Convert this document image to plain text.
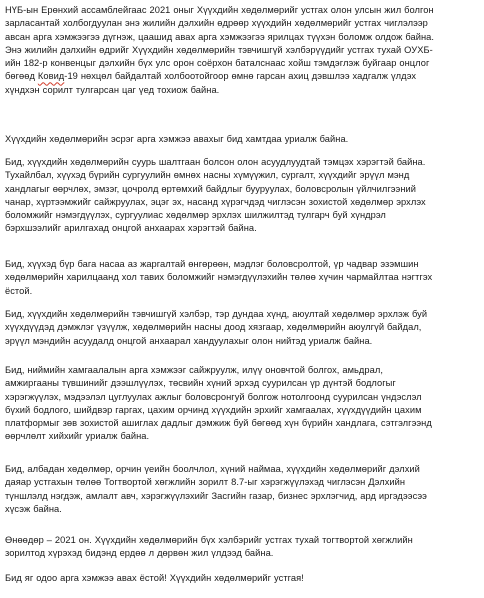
НҮБ-ын Ерөнхий ассамблейгаас 2021 оныг Хүүхдийн хөдөлмөрийг устгах олон улсын жил болгон
зарласантай холбогдуулан энэ жилийн дэлхийн өдрөөр хүүхдийн хөдөлмөрийг устгах чиглэлээр
авсан арга хэмжээгээ дүгнэж, цаашид авах арга хэмжээгээ ярилцах түүхэн боломж олдож байна.
Энэ жилийн дэлхийн өдрийг Хүүхдийн хөдөлмөрийн тэвчишгүй хэлбэрүүдийг устгах тухай ОУХБ-
ийн 182-р конвенцыг дэлхийн бүх улс орон соёрхон баталснаас хойш тэмдэглэж буйгаар онцлог
бөгөөд Ковид-19 нөхцөл байдалтай холбоотойгоор өмнө гарсан ахиц дэвшлээ хадгалж үлдэх
хүндхэн сорилт тулгарсан цаг үед тохиож байна.

Хүүхдийн хөдөлмөрийн эсрэг арга хэмжээ авахыг бид хамтдаа уриалж байна.

Бид, хүүхдийн хөдөлмөрийн суурь шалтгаан болсон олон асуудлуудтай тэмцэх хэрэгтэй байна.
Тухайлбал, хүүхэд бүрийн сургуулийн өмнөх насны хүмүүжил, сургалт, хүүхдийг эрүүл мэнд
хандлагыг өөрчлөх, эмзэг, цочролд өртөмхий байдлыг бууруулах, боловсролын үйлчилгээний
чанар, хүртээмжийг сайжруулах, эцэг эх, насанд хүрэгчдэд чиглэсэн зохистой хөдөлмөр эрхлэх
боломжийг нэмэгдүүлэх, сургуулиас хөдөлмөр эрхлэх шилжилтэд тулгарч буй хүндрэл
бэрхшээлийг арилгахад онцгой анхаарах хэрэгтэй байна.

Бид, хүүхэд бүр бага насаа аз жаргалтай өнгөрөөн, мэдлэг боловсролтой, үр чадвар эзэмшин
хөдөлмөрийн харилцаанд хол тавих боломжийг нэмэгдүүлэхийн төлөө хүчин чармайлтаа нэгтгэх
ёстой.

Бид, хүүхдийн хөдөлмөрийн тэвчишгүй хэлбэр, тэр дундаа хүнд, аюултай хөдөлмөр эрхлэж буй
хүүхдүүдэд дэмжлэг үзүүлж, хөдөлмөрийн насны доод хязгаар, хөдөлмөрийн аюулгүй байдал,
эрүүл мэндийн асуудалд онцгой анхаарал хандуулахыг олон нийтэд уриалж байна.

Бид, ниймийн хамгаалалын арга хэмжээг сайжруулж, илүү оновчтой болгох, амьдрал,
амжиргааны түвшинийг дээшлүүлэх, төсвийн хүний эрхэд суурилсан үр дүнтэй бодлогыг
хэрэгжүүлэх, мэдээлэл цуглуулах ажлыг боловсронгуй болгож нотолгоонд суурилсан үндэслэл
бүхий бодлого, шийдвэр гаргах, цахим орчинд хүүхдийн эрхийг хамгаалах, хүүхдүүдийн цахим
платформыг зөв зохистой ашиглах дадлыг дэмжиж буй бөгөөд хүн бүрийн хандлага, сэтгэлгээнд
өөрчлөлт хийхийг уриалж байна.

Бид, албадан хөдөлмөр, орчин үеийн боолчлол, хүний наймаа, хүүхдийн хөдөлмөрийг дэлхий
даяар устгахын төлөө Тогтвортой хөгжлийн зорилт 8.7-ыг хэрэгжүүлэхэд чиглэсэн Дэлхийн
түншлэлд нэгдэж, амлалт авч, хэрэгжүүлэхийг Засгийн газар, бизнес эрхлэгчид, ард иргэдээсээ
хүсэж байна.

Өнөөдөр – 2021 он. Хүүхдийн хөдөлмөрийн бүх хэлбэрийг устгах тухай тогтвортой хөгжлийн
зорилтод хүрэхэд бидэнд ердөө л дөрвөн жил үлдээд байна.

Бид яг одоо арга хэмжээ авах ёстой! Хүүхдийн хөдөлмөрийг устгая!
